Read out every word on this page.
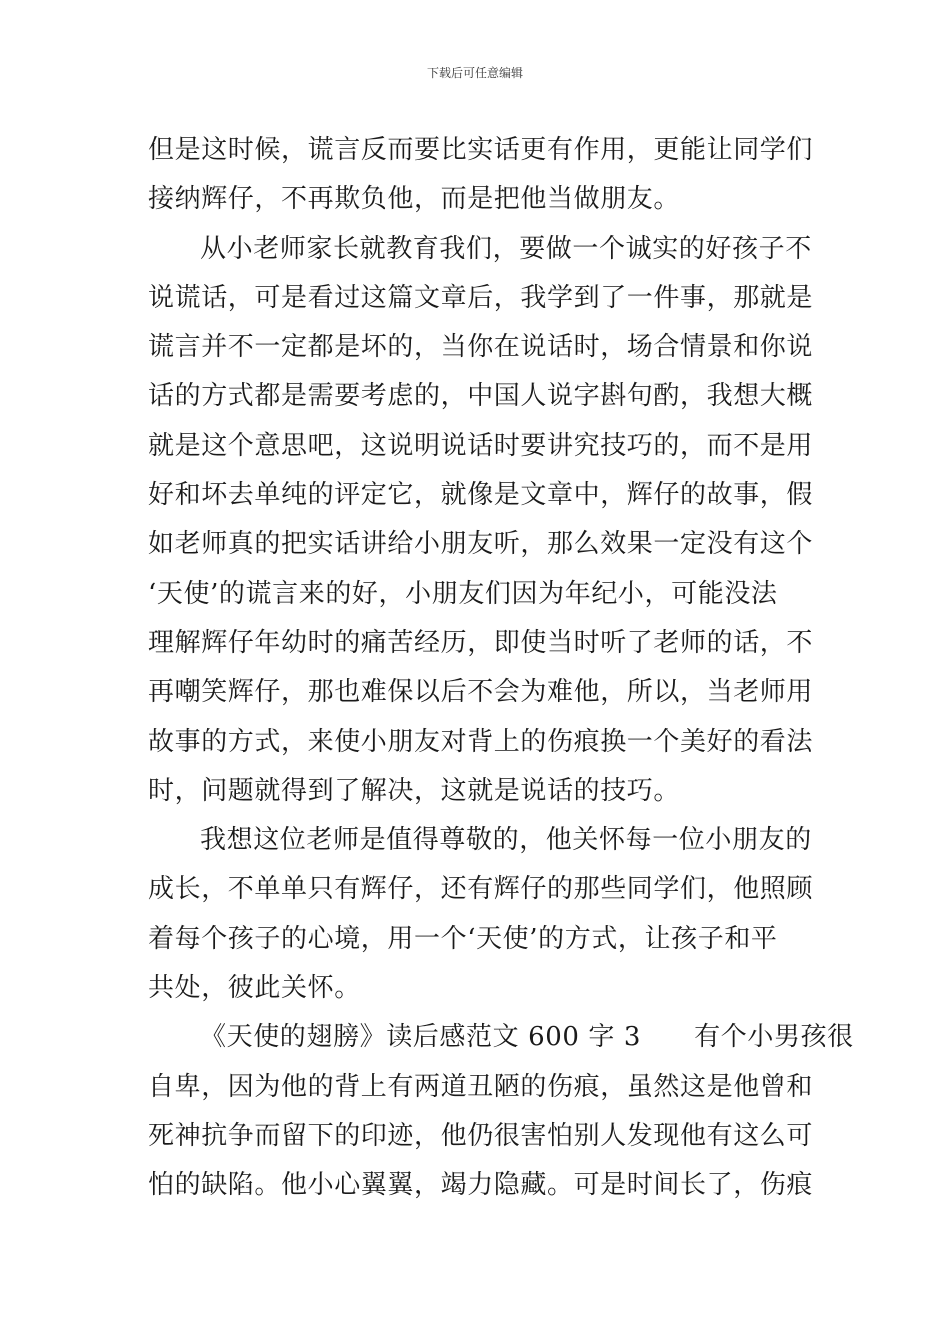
下载后可任意编辑
但是这时候，谎言反而要比实话更有作用，更能让同学们
接纳辉仔，不再欺负他，而是把他当做朋友。
从小老师家长就教育我们，要做一个诚实的好孩子不
说谎话，可是看过这篇文章后，我学到了一件事，那就是
谎言并不一定都是坏的，当你在说话时，场合情景和你说
话的方式都是需要考虑的，中国人说字斟句酌，我想大概
就是这个意思吧，这说明说话时要讲究技巧的，而不是用
好和坏去单纯的评定它，就像是文章中，辉仔的故事，假
如老师真的把实话讲给小朋友听，那么效果一定没有这个
‘天使’的谎言来的好，小朋友们因为年纪小，可能没法
理解辉仔年幼时的痛苦经历，即使当时听了老师的话，不
再嘲笑辉仔，那也难保以后不会为难他，所以，当老师用
故事的方式，来使小朋友对背上的伤痕换一个美好的看法
时，问题就得到了解决，这就是说话的技巧。
我想这位老师是值得尊敬的，他关怀每一位小朋友的
成长，不单单只有辉仔，还有辉仔的那些同学们，他照顾
着每个孩子的心境，用一个‘天使’的方式，让孩子和平
共处，彼此关怀。
《天使的翅膀》读后感范文 600 字 3　　有个小男孩很
自卑，因为他的背上有两道丑陋的伤痕，虽然这是他曾和
死神抗争而留下的印迹，他仍很害怕别人发现他有这么可
怕的缺陷。他小心翼翼，竭力隐藏。可是时间长了，伤痕
